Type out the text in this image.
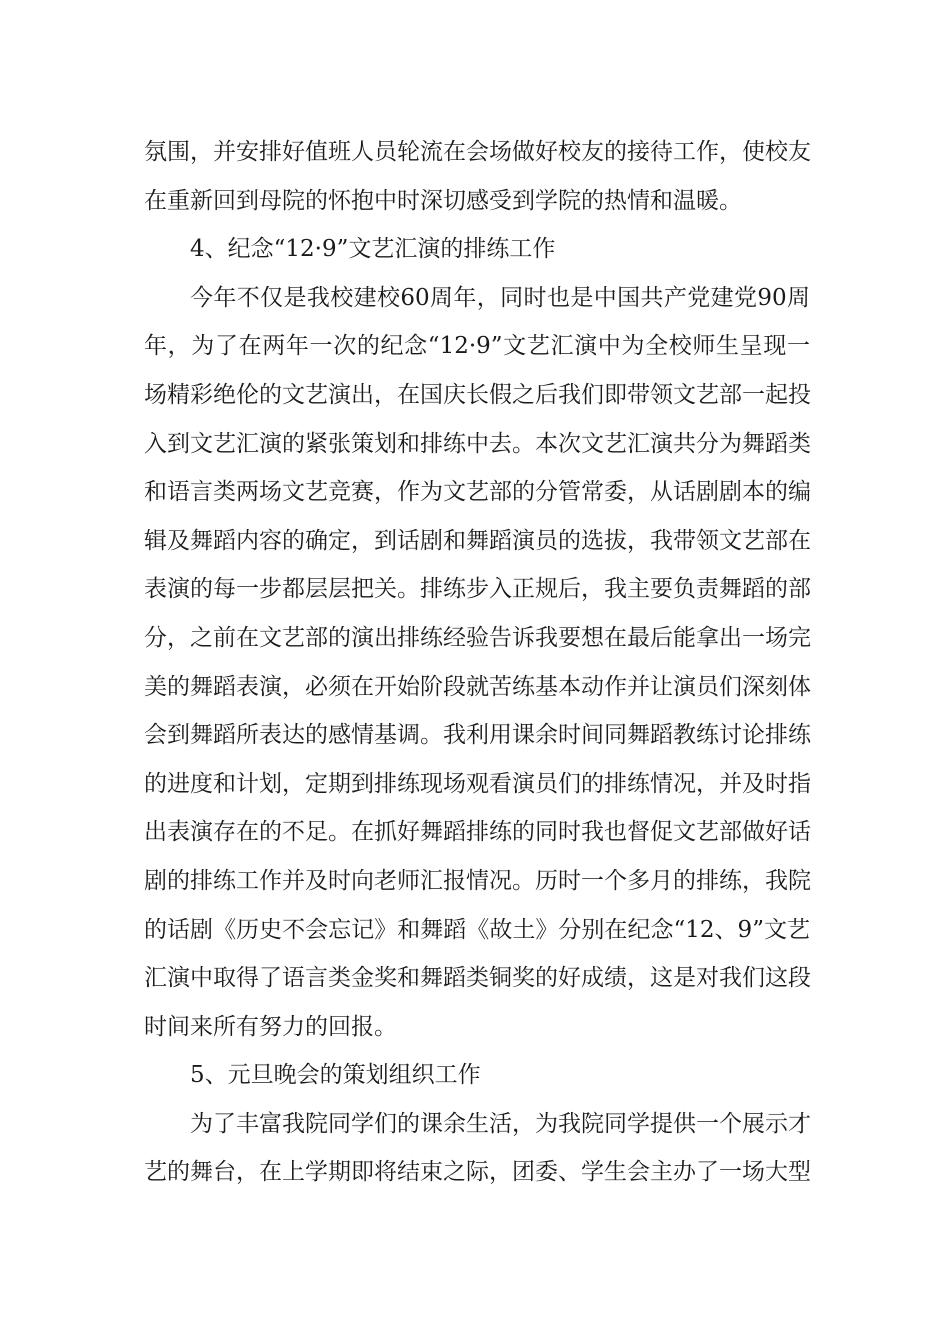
氛围，并安排好值班人员轮流在会场做好校友的接待工作，使校友
在重新回到母院的怀抱中时深切感受到学院的热情和温暖。
4、纪念“12·9”文艺汇演的排练工作
今年不仅是我校建校60周年，同时也是中国共产党建党90周
年，为了在两年一次的纪念“12·9”文艺汇演中为全校师生呈现一
场精彩绝伦的文艺演出，在国庆长假之后我们即带领文艺部一起投
入到文艺汇演的紧张策划和排练中去。本次文艺汇演共分为舞蹈类
和语言类两场文艺竞赛，作为文艺部的分管常委，从话剧剧本的编
辑及舞蹈内容的确定，到话剧和舞蹈演员的选拔，我带领文艺部在
表演的每一步都层层把关。排练步入正规后，我主要负责舞蹈的部
分，之前在文艺部的演出排练经验告诉我要想在最后能拿出一场完
美的舞蹈表演，必须在开始阶段就苦练基本动作并让演员们深刻体
会到舞蹈所表达的感情基调。我利用课余时间同舞蹈教练讨论排练
的进度和计划，定期到排练现场观看演员们的排练情况，并及时指
出表演存在的不足。在抓好舞蹈排练的同时我也督促文艺部做好话
剧的排练工作并及时向老师汇报情况。历时一个多月的排练，我院
的话剧《历史不会忘记》和舞蹈《故土》分别在纪念“12、9”文艺
汇演中取得了语言类金奖和舞蹈类铜奖的好成绩，这是对我们这段
时间来所有努力的回报。
5、元旦晚会的策划组织工作
为了丰富我院同学们的课余生活，为我院同学提供一个展示才
艺的舞台，在上学期即将结束之际，团委、学生会主办了一场大型
